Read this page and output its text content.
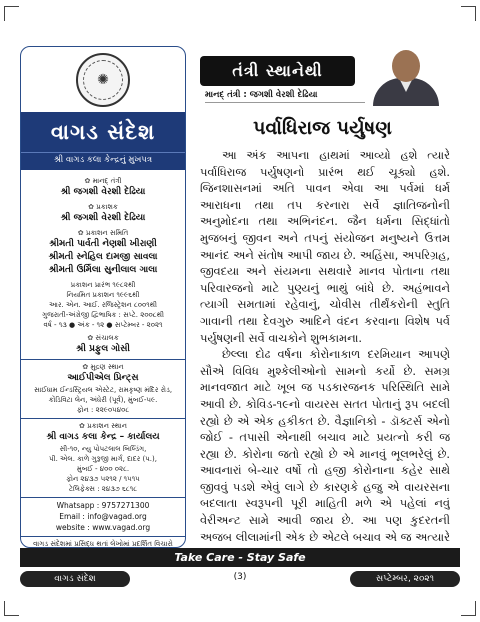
✺
વાગડ સંદેશ
શ્રી વાગડ કલા કેન્દ્રનું મુખપત્ર
✿ માનદ્ તંત્રી
શ્રી જગશી વેરશી દેઢિયા
✿ પ્રકાશક
શ્રી જગશી વેરશી દેઢિયા
✿ પ્રકાશન સમિતિ
શ્રીમતી પાર્વતી નેણશી ખીરાણી
શ્રીમતી સ્નેહિલ દામજી સાવલા
શ્રીમતી ઉર્મિલા સુનીલાલ ગાલા
પ્રકાશન પ્રારંભ ૧૯૮૨થી
નિયમિત પ્રકાશન ૧૯૯૬થી
આર. એન. આઈ. રજિસ્ટ્રેશન ૮૦૦૧થી
ગુજરાતી-અંગ્રેજી દ્વિભાષિક : સપ્ટે. ૨૦૦૮થી
વર્ષ - ૧૩ ● અંક - ૧૨ ● સપ્ટેમ્બર - ૨૦૨૧
✿ સંચાલક
શ્રી પ્રફુલ ગોસી
✿ મુદ્રણ સ્થાન
આઈપીએલ પ્રિન્ટ્સ
સાઈધામ ઈન્ડસ્ટ્રિયલ એસ્ટેટ, રામકૃષ્ણ મંદિર રોડ,
કોંડિવિટા લેન, અંધેરી (પૂર્વ), મુંબઈ-૫૯.
ફોન : ૨૨૯૦૫૪૦૮
✿ પ્રકાશન સ્થાન
શ્રી વાગડ કલા કેન્દ્ર – કાર્યાલય
સી-૧૦, ન્યુ પોપટલાલ બિલ્ડિંગ,
પી. એલ. કાળે ગુરૂજી માર્ગ, દાદર (પ.),
મુંબઈ - ૪૦૦ ૦૨૮.
ફોન ૨૪૩૭ ૫૨૧૨ / ૧૫૧૫
ટેલિફેક્સ : ૨૪૩૭ ૬૮૧૮
Whatsapp : 9757271300
Email : info@vagad.org
website : www.vagad.org
વાગડ સંદેશમાં પ્રસિદ્ધ થતાં લેખોમાં પ્રદર્શિત વિચારો
તંત્રી સ્થાનેથી
માનદ્ તંત્રી : જગશી વેરશી દેઢિયા
પર્વાધિરાજ પર્યુષણ

આ અંક આપના હાથમાં આવ્યો હશે ત્યારે પર્વાધિરાજ પર્યુષણનો પ્રારંભ થઈ ચૂક્યો હશે. જિનશાસનમાં અતિ પાવન એવા આ પર્વમાં ધર્મ આરાધના તથા તપ કરનારા સર્વે જ્ઞાતિજનોની અનુમોદના તથા અભિનંદન. જૈન ધર્મના સિદ્ધાંતો મુજબનું જીવન અને તપનું સંયોજન મનુષ્યને ઉત્તમ આનંદ અને સંતોષ આપી જાય છે. અહિંસા, અપરિગ્રહ, જીવદયા અને સંયમના સથવારે માનવ પોતાના તથા પરિવારજનો માટે પુણ્યનું ભાથું બાંધે છે. અહંભાવને ત્યાગી સમતામાં રહેવાનું, ચોવીસ તીર્થંકરોની સ્તુતિ ગાવાની તથા દેવગુરુ આદિને વંદન કરવાના વિશેષ પર્વ પર્યુષણની સર્વે વાચકોને શુભકામના.

છેલ્લા દોઢ વર્ષના કોરોનાકાળ દરમિયાન આપણે સૌએ વિવિધ મુશ્કેલીઓનો સામનો કર્યો છે. સમગ્ર માનવજાત માટે ખૂબ જ પડકારજનક પરિસ્થિતિ સામે આવી છે. કોવિડ-૧૯નો વાયરસ સતત પોતાનું રૂપ બદલી રહ્યો છે એ એક હકીકત છે. વૈજ્ઞાનિકો - ડૉક્ટર્સ એનો જોઈ - તપાસી એનાથી બચાવ માટે પ્રયત્નો કરી જ રહ્યા છે. કોરોના જતો રહ્યો છે એ માનવું ભૂલભરેલું છે. આવનારાં બે-ચાર વર્ષો તો હજી કોરોનાના કહેર સાથે જીવવું પડશે એવું લાગે છે કારણકે હજુ એ વાયરસના બદલાતા સ્વરૂપની પૂરી માહિતી મળે એ પહેલાં નવું વેરીઅન્ટ સામે આવી જાય છે. આ પણ કુદરતની અજબ લીલામાંની એક છે એટલે બચાવ એ જ અત્યારે

Take Care - Stay Safe
વાગડ સંદેશ	(3)	સપ્ટેમ્બર, ૨૦૨૧
